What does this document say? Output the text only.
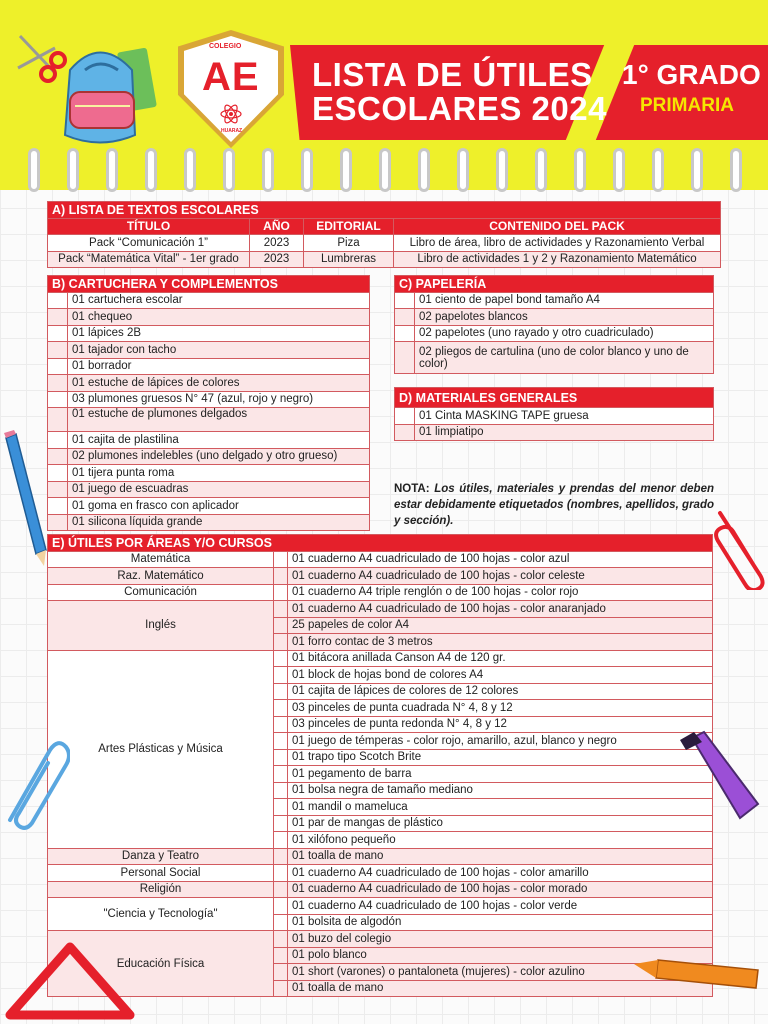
COLEGIO
AE
HUARAZ
LISTA DE ÚTILES
ESCOLARES 2024
1° GRADO
PRIMARIA
A) LISTA DE TEXTOS ESCOLARES			
TÍTULO	AÑO	EDITORIAL	CONTENIDO DEL PACK
Pack “Comunicación 1”	2023	Piza	Libro de área, libro de actividades y Razonamiento Verbal
Pack “Matemática Vital” - 1er grado	2023	Lumbreras	Libro de actividades 1 y 2 y Razonamiento Matemático
B) CARTUCHERA Y COMPLEMENTOS	
	01 cartuchera escolar
	01 chequeo
	01 lápices 2B
	01 tajador con tacho
	01 borrador
	01 estuche de lápices de colores
	03 plumones gruesos N° 47 (azul, rojo y negro)
	01 estuche de plumones delgados
	01 cajita de plastilina
	02 plumones indelebles (uno delgado y otro grueso)
	01 tijera punta roma
	01 juego de escuadras
	01 goma en frasco con aplicador
	01 silicona líquida grande
C) PAPELERÍA	
	01 ciento de papel bond tamaño A4
	02 papelotes blancos
	02 papelotes (uno rayado y otro cuadriculado)
	02 pliegos de cartulina (uno de color blanco y uno de color)
D) MATERIALES GENERALES	
	01 Cinta MASKING TAPE gruesa
	01 limpiatipo
NOTA: Los útiles, materiales y prendas del menor deben estar debidamente etiquetados (nombres, apellidos, grado y sección).
E) ÚTILES POR ÁREAS Y/O CURSOS		
Matemática		01 cuaderno A4 cuadriculado de 100 hojas - color azul
Raz. Matemático		01 cuaderno A4 cuadriculado de 100 hojas - color celeste
Comunicación		01 cuaderno A4 triple renglón o de 100 hojas - color rojo
Inglés		01 cuaderno A4 cuadriculado de 100 hojas - color anaranjado
		25 papeles de color A4
		01 forro contac de 3 metros
Artes Plásticas y Música		01 bitácora anillada Canson A4 de 120 gr.
		01 block de hojas bond de colores A4
		01 cajita de lápices de colores de 12 colores
		03 pinceles de punta cuadrada N° 4, 8 y 12
		03 pinceles de punta redonda N° 4, 8 y 12
		01 juego de témperas - color rojo, amarillo, azul, blanco y negro
		01 trapo tipo Scotch Brite
		01 pegamento de barra
		01 bolsa negra de tamaño mediano
		01 mandil o mameluca
		01 par de mangas de plástico
		01 xilófono pequeño
Danza y Teatro		01 toalla de mano
Personal Social		01 cuaderno A4 cuadriculado de 100 hojas - color amarillo
Religión		01 cuaderno A4 cuadriculado de 100 hojas - color morado
"Ciencia y Tecnología"		01 cuaderno A4 cuadriculado de 100 hojas - color verde
		01 bolsita de algodón
Educación Física		01 buzo del colegio
		01 polo blanco
		01 short (varones) o pantaloneta (mujeres) - color azulino
		01 toalla de mano
